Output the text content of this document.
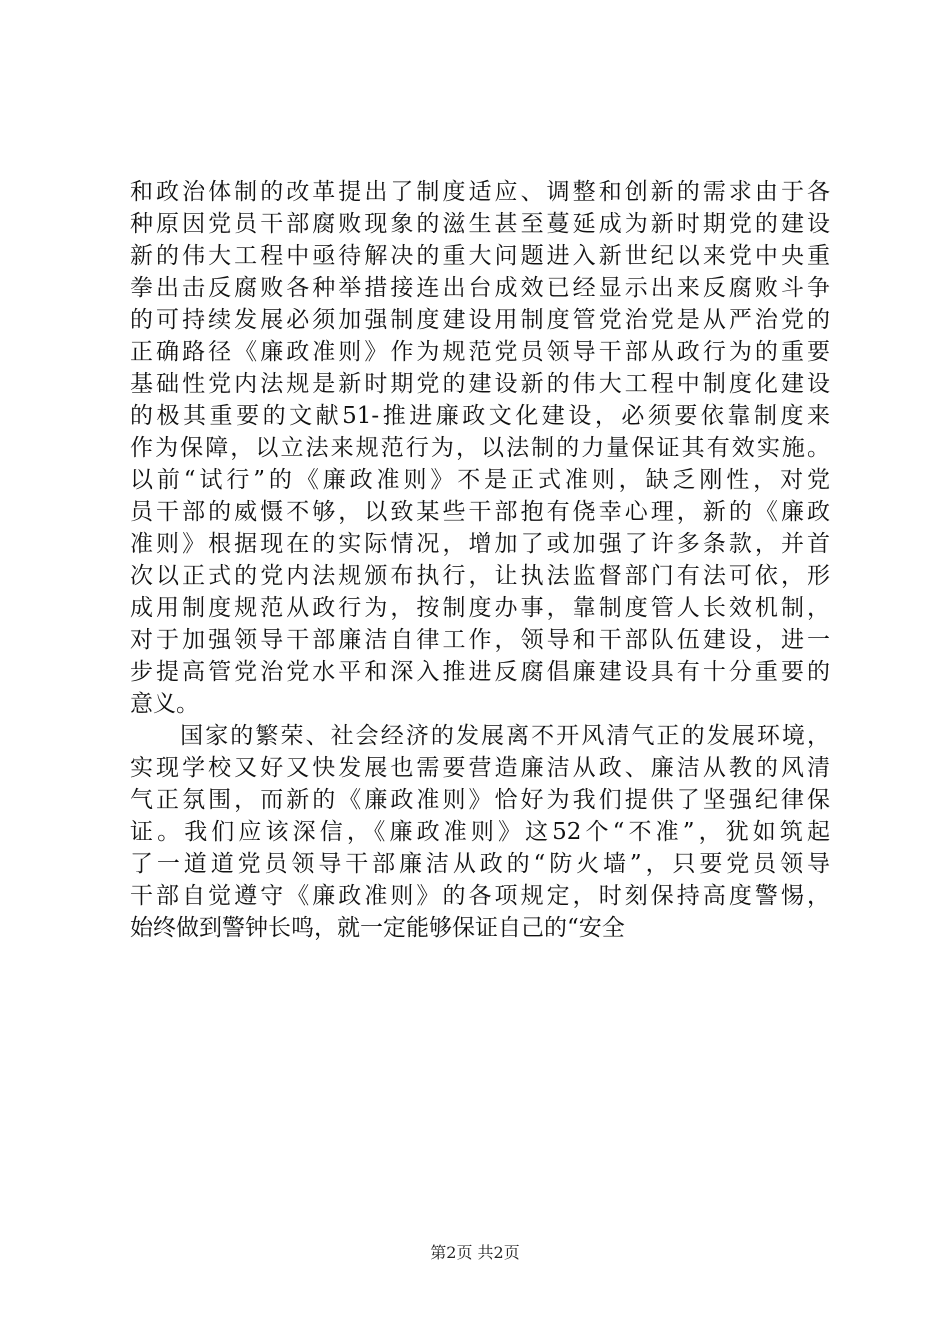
和政治体制的改革提出了制度适应、调整和创新的需求由于各
种原因党员干部腐败现象的滋生甚至蔓延成为新时期党的建设
新的伟大工程中亟待解决的重大问题进入新世纪以来党中央重
拳出击反腐败各种举措接连出台成效已经显示出来反腐败斗争
的可持续发展必须加强制度建设用制度管党治党是从严治党的
正确路径《廉政准则》作为规范党员领导干部从政行为的重要
基础性党内法规是新时期党的建设新的伟大工程中制度化建设
的极其重要的文献51-推进廉政文化建设，必须要依靠制度来
作为保障，以立法来规范行为，以法制的力量保证其有效实施。
以前“试行”的《廉政准则》不是正式准则，缺乏刚性，对党
员干部的威慑不够，以致某些干部抱有侥幸心理，新的《廉政
准则》根据现在的实际情况，增加了或加强了许多条款，并首
次以正式的党内法规颁布执行，让执法监督部门有法可依，形
成用制度规范从政行为，按制度办事，靠制度管人长效机制，
对于加强领导干部廉洁自律工作，领导和干部队伍建设，进一
步提高管党治党水平和深入推进反腐倡廉建设具有十分重要的
意义。
　　国家的繁荣、社会经济的发展离不开风清气正的发展环境，
实现学校又好又快发展也需要营造廉洁从政、廉洁从教的风清
气正氛围，而新的《廉政准则》恰好为我们提供了坚强纪律保
证。我们应该深信，《廉政准则》这52个“不准”，犹如筑起
了一道道党员领导干部廉洁从政的“防火墙”，只要党员领导
干部自觉遵守《廉政准则》的各项规定，时刻保持高度警惕，
始终做到警钟长鸣，就一定能够保证自己的“安全
第2页 共2页
